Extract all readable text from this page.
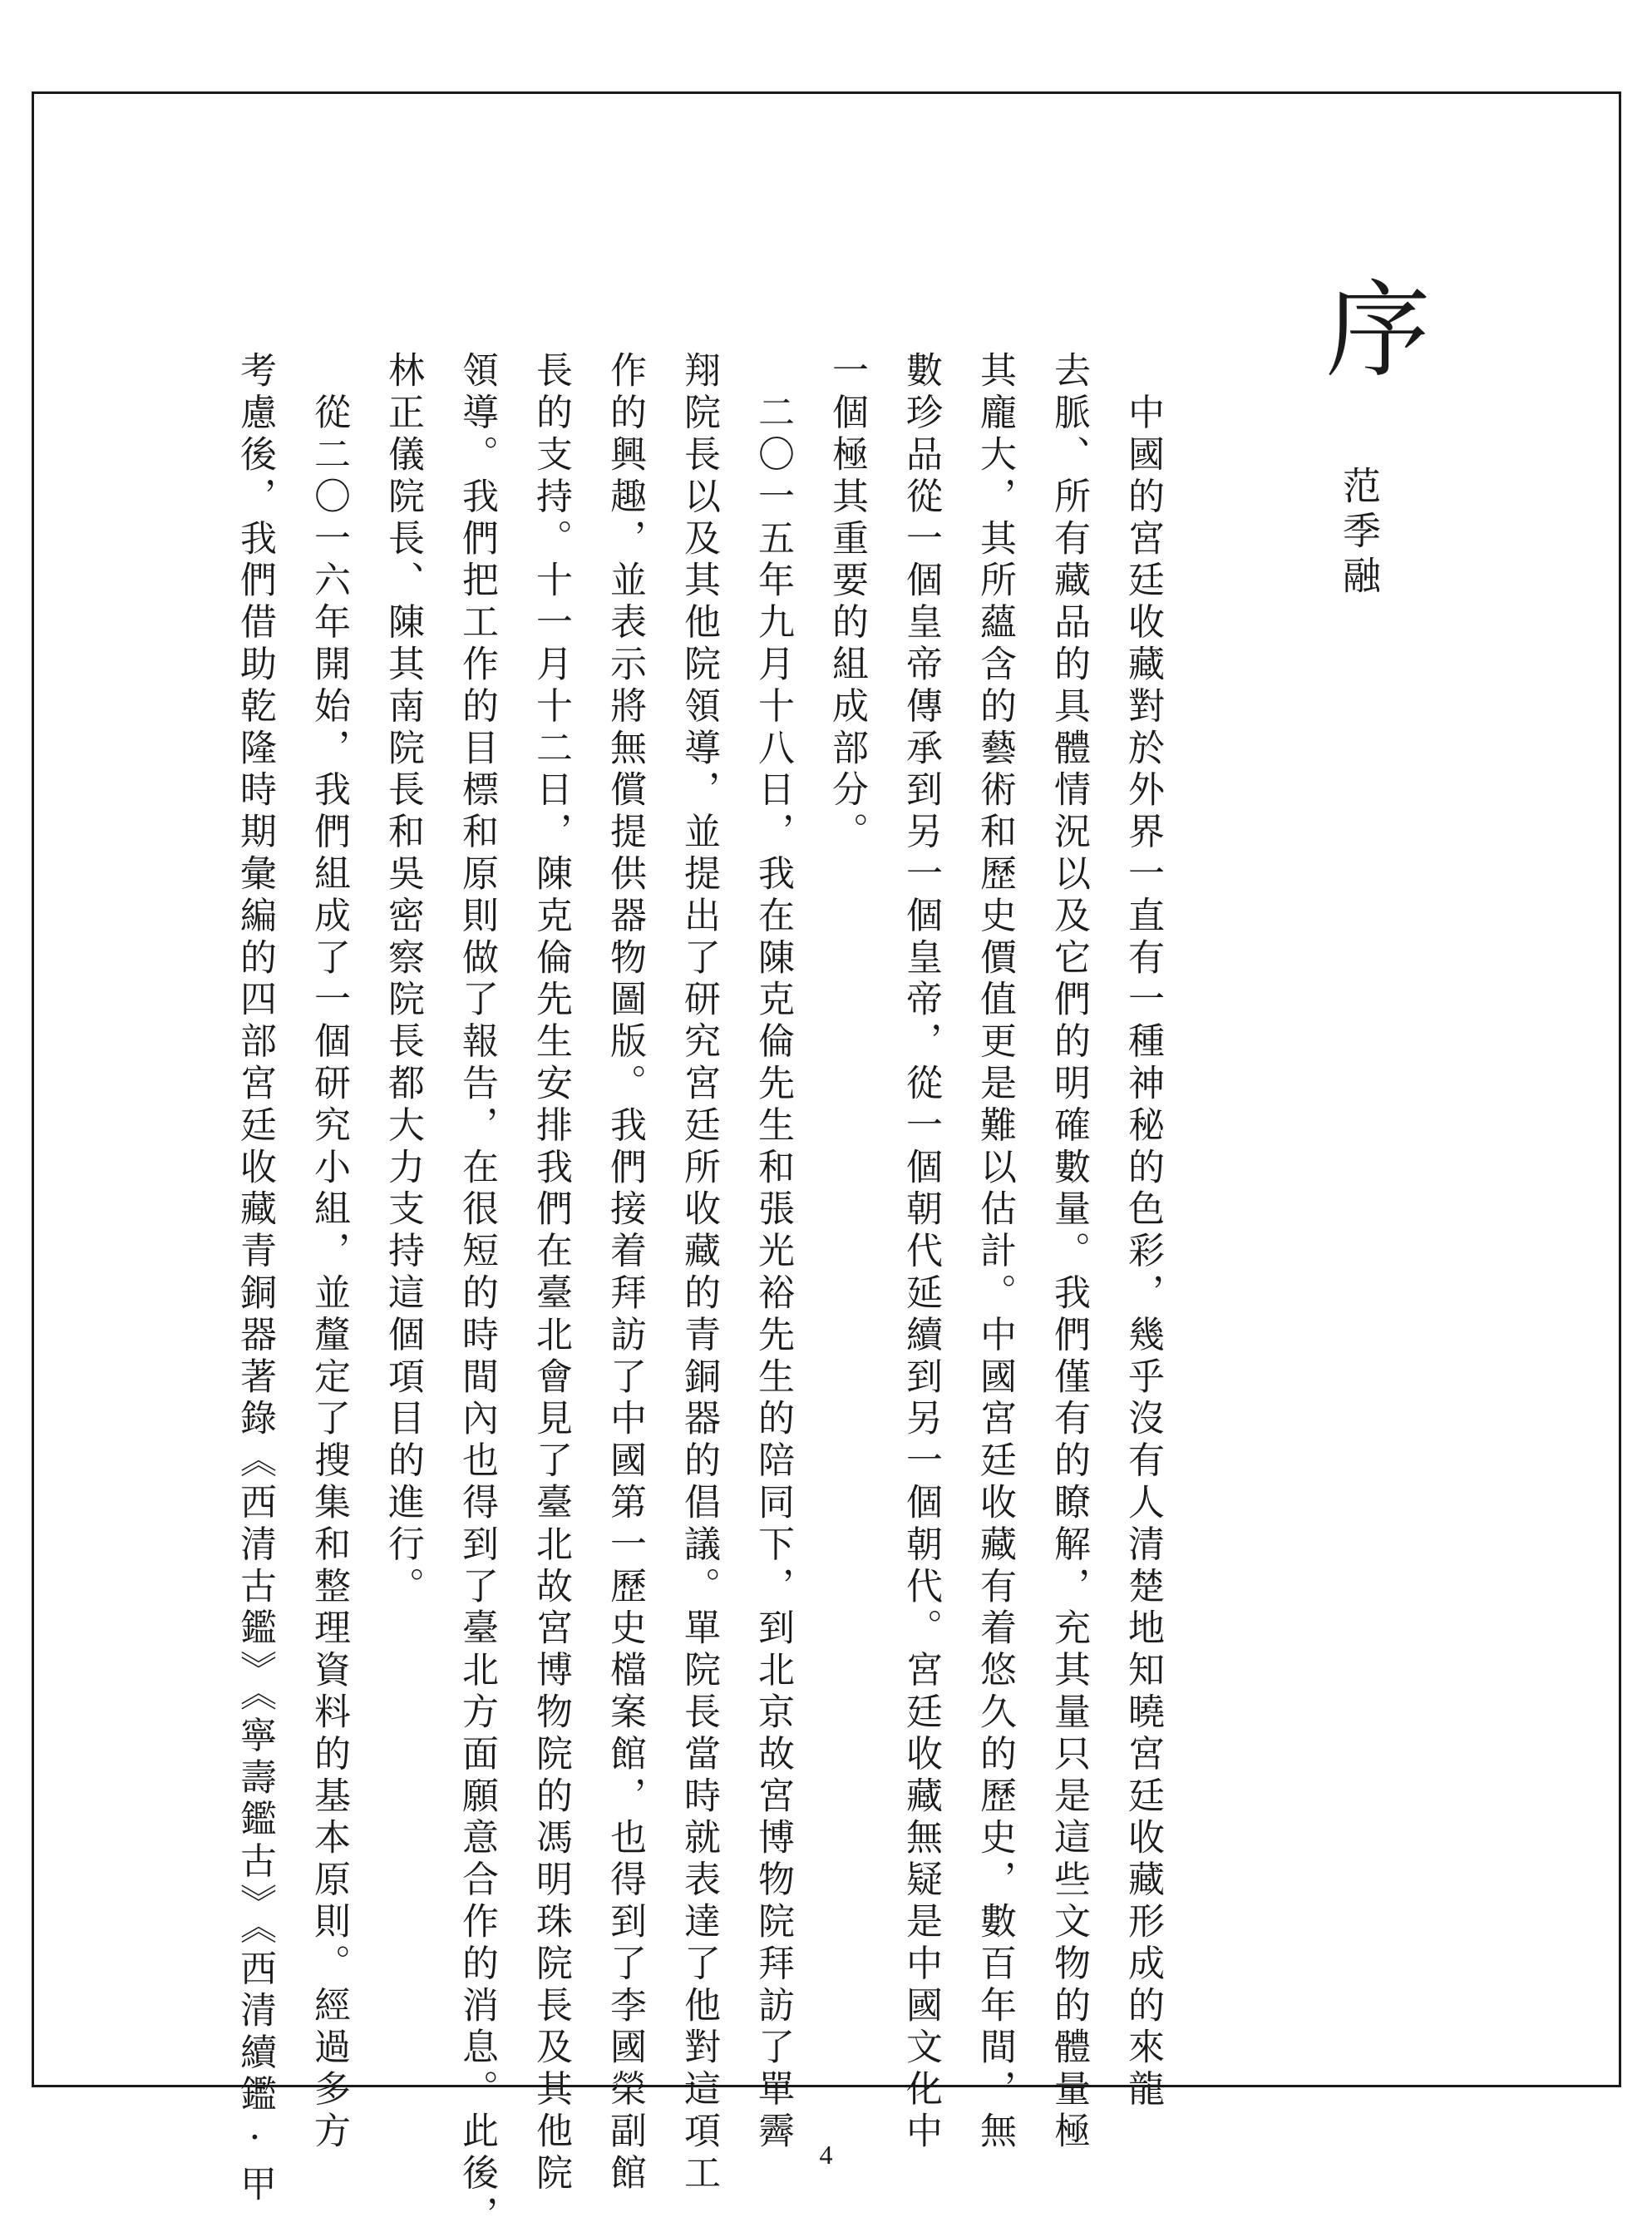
序
范季融
　中國的宮廷收藏對於外界一直有一種神秘的色彩，幾乎沒有人清楚地知曉宮廷收藏形成的來龍
去脈、所有藏品的具體情況以及它們的明確數量。我們僅有的瞭解，充其量只是這些文物的體量極
其龐大，其所蘊含的藝術和歷史價值更是難以估計。中國宮廷收藏有着悠久的歷史，數百年間，無
數珍品從一個皇帝傳承到另一個皇帝，從一個朝代延續到另一個朝代。宮廷收藏無疑是中國文化中
一個極其重要的組成部分。
　二〇一五年九月十八日，我在陳克倫先生和張光裕先生的陪同下，到北京故宮博物院拜訪了單霽
翔院長以及其他院領導，並提出了研究宮廷所收藏的青銅器的倡議。單院長當時就表達了他對這項工
作的興趣，並表示將無償提供器物圖版。我們接着拜訪了中國第一歷史檔案館，也得到了李國榮副館
長的支持。十一月十二日，陳克倫先生安排我們在臺北會見了臺北故宮博物院的馮明珠院長及其他院
領導。我們把工作的目標和原則做了報告，在很短的時間內也得到了臺北方面願意合作的消息。此後，
林正儀院長、陳其南院長和吳密察院長都大力支持這個項目的進行。
　從二〇一六年開始，我們組成了一個研究小組，並釐定了搜集和整理資料的基本原則。經過多方
考慮後，我們借助乾隆時期彙編的四部宮廷收藏青銅器著錄《西清古鑑》《寧壽鑑古》《西清續鑑·甲	4
